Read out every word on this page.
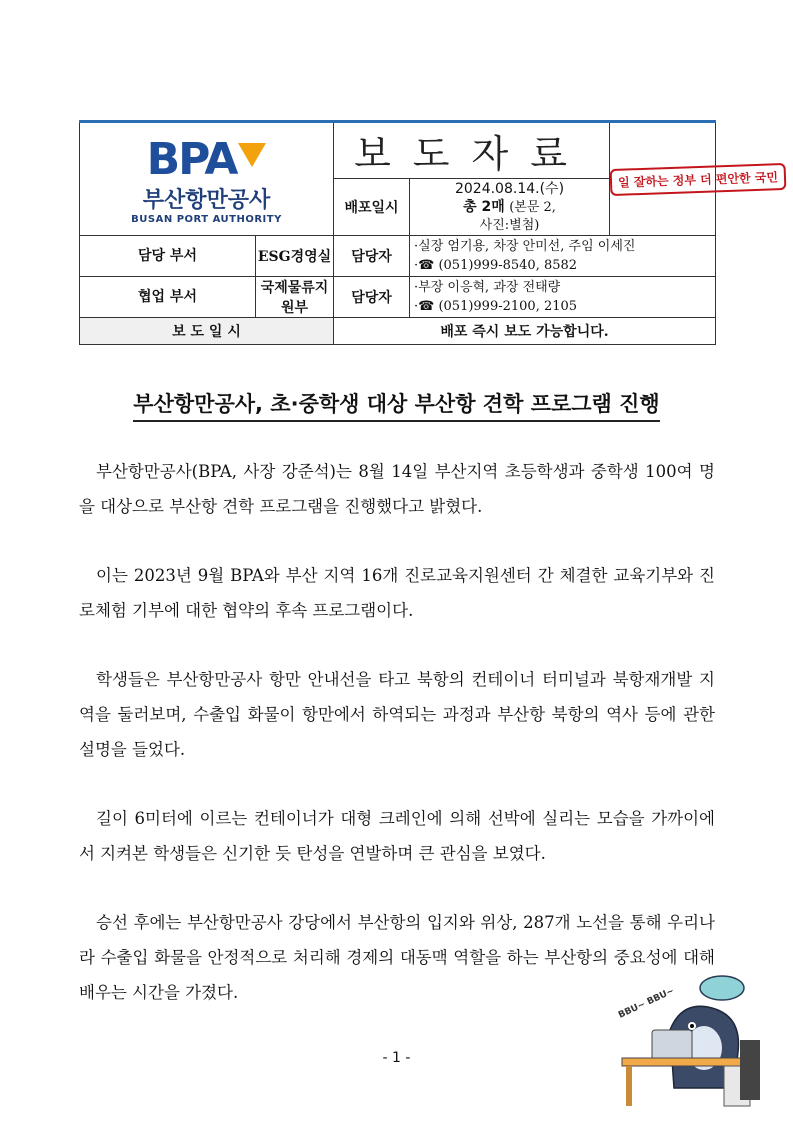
BPA
부산항만공사
BUSAN PORT AUTHORITY		보도자료		일 잘하는 정부 더 편안한 국민
		배포일시	2024.08.14.(수)
총 2매 (본문 2,
사진:별첨)	

담당 부서	ESG경영실	담당자	·실장 엄기용, 차장 안미선, 주임 이세진
·☎ (051)999-8540, 8582	

협업 부서	국제물류지원부	담당자	·부장 이응혁, 과장 전태량
·☎ (051)999-2100, 2105	

보 도 일 시		배포 즉시 보도 가능합니다.		
부산항만공사, 초·중학생 대상 부산항 견학 프로그램 진행

부산항만공사(BPA, 사장 강준석)는 8월 14일 부산지역 초등학생과 중학생 100여 명을 대상으로 부산항 견학 프로그램을 진행했다고 밝혔다.

이는 2023년 9월 BPA와 부산 지역 16개 진로교육지원센터 간 체결한 교육기부와 진로체험 기부에 대한 협약의 후속 프로그램이다.

학생들은 부산항만공사 항만 안내선을 타고 북항의 컨테이너 터미널과 북항재개발 지역을 둘러보며, 수출입 화물이 항만에서 하역되는 과정과 부산항 북항의 역사 등에 관한 설명을 들었다.

길이 6미터에 이르는 컨테이너가 대형 크레인에 의해 선박에 실리는 모습을 가까이에서 지켜본 학생들은 신기한 듯 탄성을 연발하며 큰 관심을 보였다.

승선 후에는 부산항만공사 강당에서 부산항의 입지와 위상, 287개 노선을 통해 우리나라 수출입 화물을 안정적으로 처리해 경제의 대동맥 역할을 하는 부산항의 중요성에 대해 배우는 시간을 가졌다.	BBU~ BBU~
- 1 -
